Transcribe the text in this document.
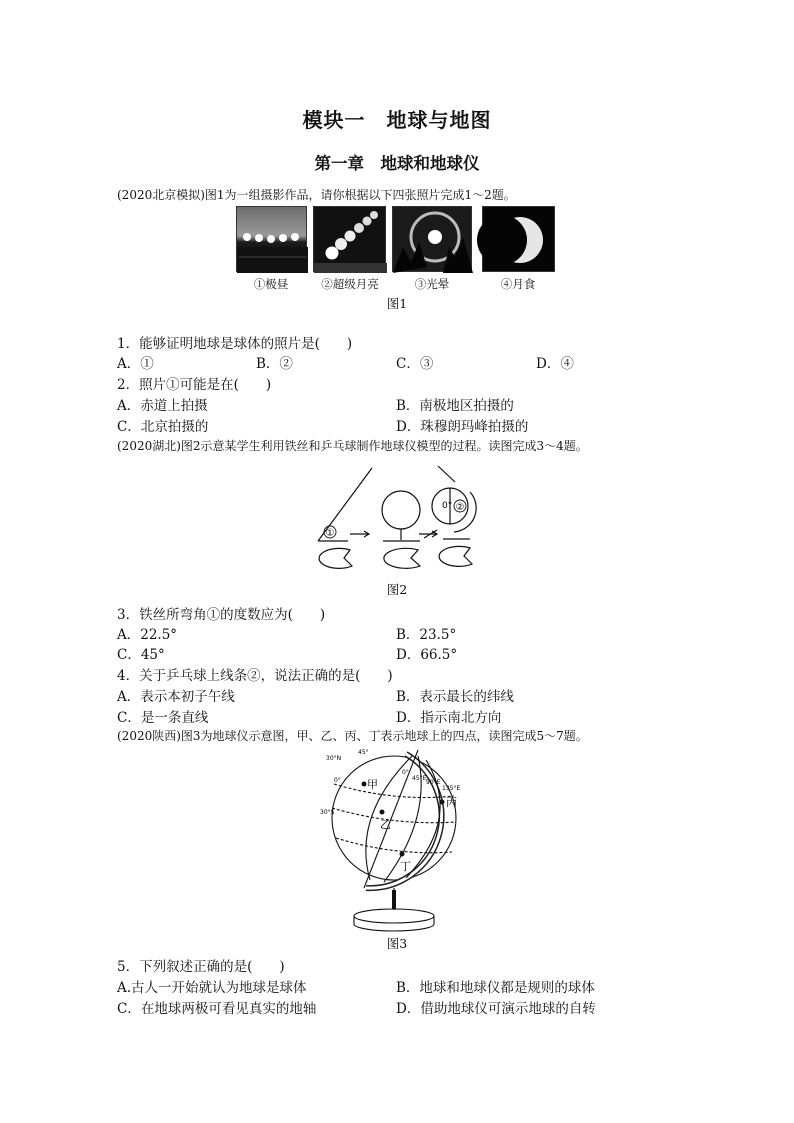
模块一　地球与地图
第一章　地球和地球仪
(2020北京模拟)图1为一组摄影作品，请你根据以下四张照片完成1～2题。
①极昼	②超级月亮	③光晕	④月食
图1
1．能够证明地球是球体的照片是(　　)
A．①	B．②	C．③	D．④
2．照片①可能是在(　　)
A．赤道上拍摄	B．南极地区拍摄的
C．北京拍摄的	D．珠穆朗玛峰拍摄的
(2020湖北)图2示意某学生利用铁丝和乒乓球制作地球仪模型的过程。读图完成3～4题。
①
0° ②
图2
3．铁丝所弯角①的度数应为(　　)
A．22.5°	B．23.5°
C．45°	D．66.5°
4．关于乒乓球上线条②，说法正确的是(　　)
A．表示本初子午线	B．表示最长的纬线
C．是一条直线	D．指示南北方向
(2020陕西)图3为地球仪示意图，甲、乙、丙、丁表示地球上的四点，读图完成5～7题。
甲
乙
丙
丁
30°N
0°
30°S
45°
0°
45°E
90°E
135°E
图3
5．下列叙述正确的是(　　)
A.古人一开始就认为地球是球体	B．地球和地球仪都是规则的球体
C．在地球两极可看见真实的地轴	D．借助地球仪可演示地球的自转
